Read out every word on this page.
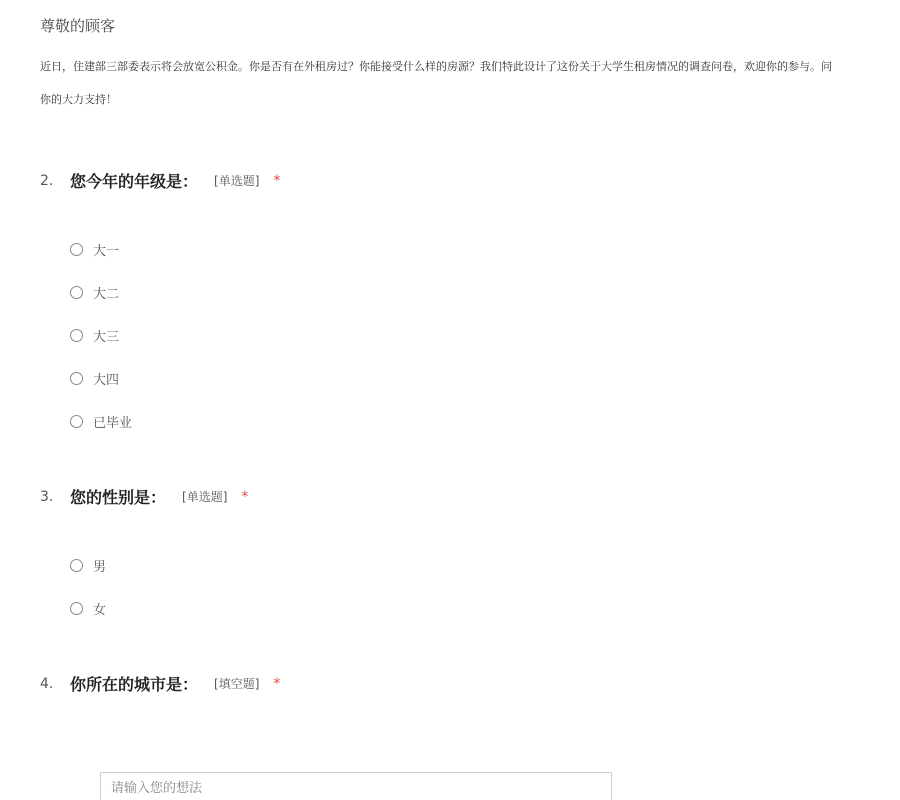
尊敬的顾客
近日，住建部三部委表示将会放宽公积金。你是否有在外租房过？你能接受什么样的房源？我们特此设计了这份关于大学生租房情况的调查问卷，欢迎你的参与。问
你的大力支持！
2.	您今年的年级是： [单选题] *
大一
大二
大三
大四
已毕业
3.	您的性别是： [单选题] *
男
女
4.	你所在的城市是： [填空题] *
请输入您的想法
